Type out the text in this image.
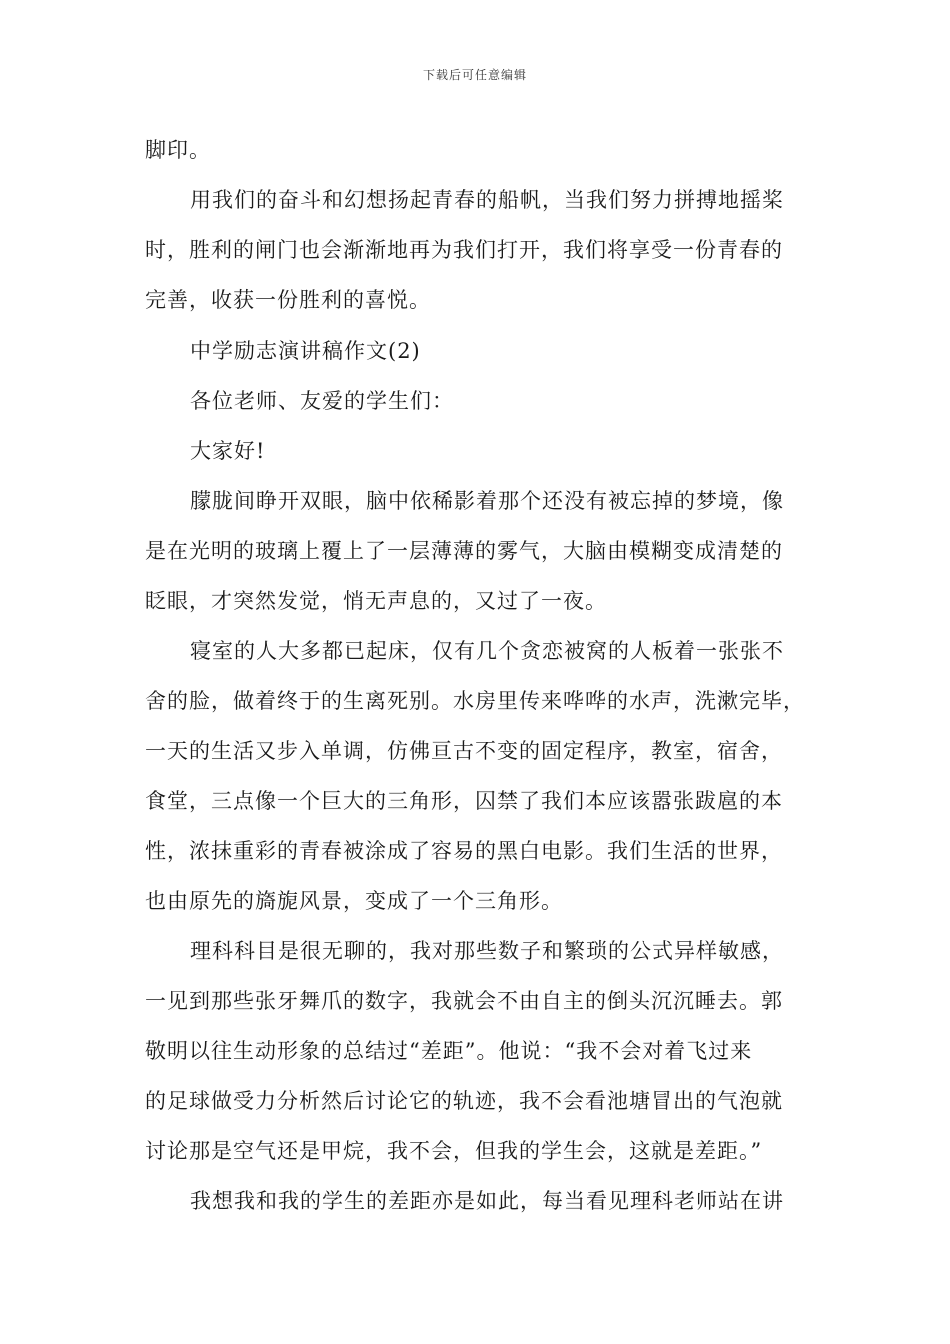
下载后可任意编辑
脚印。
用我们的奋斗和幻想扬起青春的船帆，当我们努力拼搏地摇桨
时，胜利的闸门也会渐渐地再为我们打开，我们将享受一份青春的
完善，收获一份胜利的喜悦。
中学励志演讲稿作文(2)
各位老师、友爱的学生们：
大家好!
朦胧间睁开双眼，脑中依稀影着那个还没有被忘掉的梦境，像
是在光明的玻璃上覆上了一层薄薄的雾气，大脑由模糊变成清楚的
眨眼，才突然发觉，悄无声息的，又过了一夜。
寝室的人大多都已起床，仅有几个贪恋被窝的人板着一张张不
舍的脸，做着终于的生离死别。水房里传来哗哗的水声，洗漱完毕，
一天的生活又步入单调，仿佛亘古不变的固定程序，教室，宿舍，
食堂，三点像一个巨大的三角形，囚禁了我们本应该嚣张跋扈的本
性，浓抹重彩的青春被涂成了容易的黑白电影。我们生活的世界，
也由原先的旖旎风景，变成了一个三角形。
理科科目是很无聊的，我对那些数子和繁琐的公式异样敏感，
一见到那些张牙舞爪的数字，我就会不由自主的倒头沉沉睡去。郭
敬明以往生动形象的总结过“差距”。他说：“我不会对着飞过来
的足球做受力分析然后讨论它的轨迹，我不会看池塘冒出的气泡就
讨论那是空气还是甲烷，我不会，但我的学生会，这就是差距。”
我想我和我的学生的差距亦是如此，每当看见理科老师站在讲
